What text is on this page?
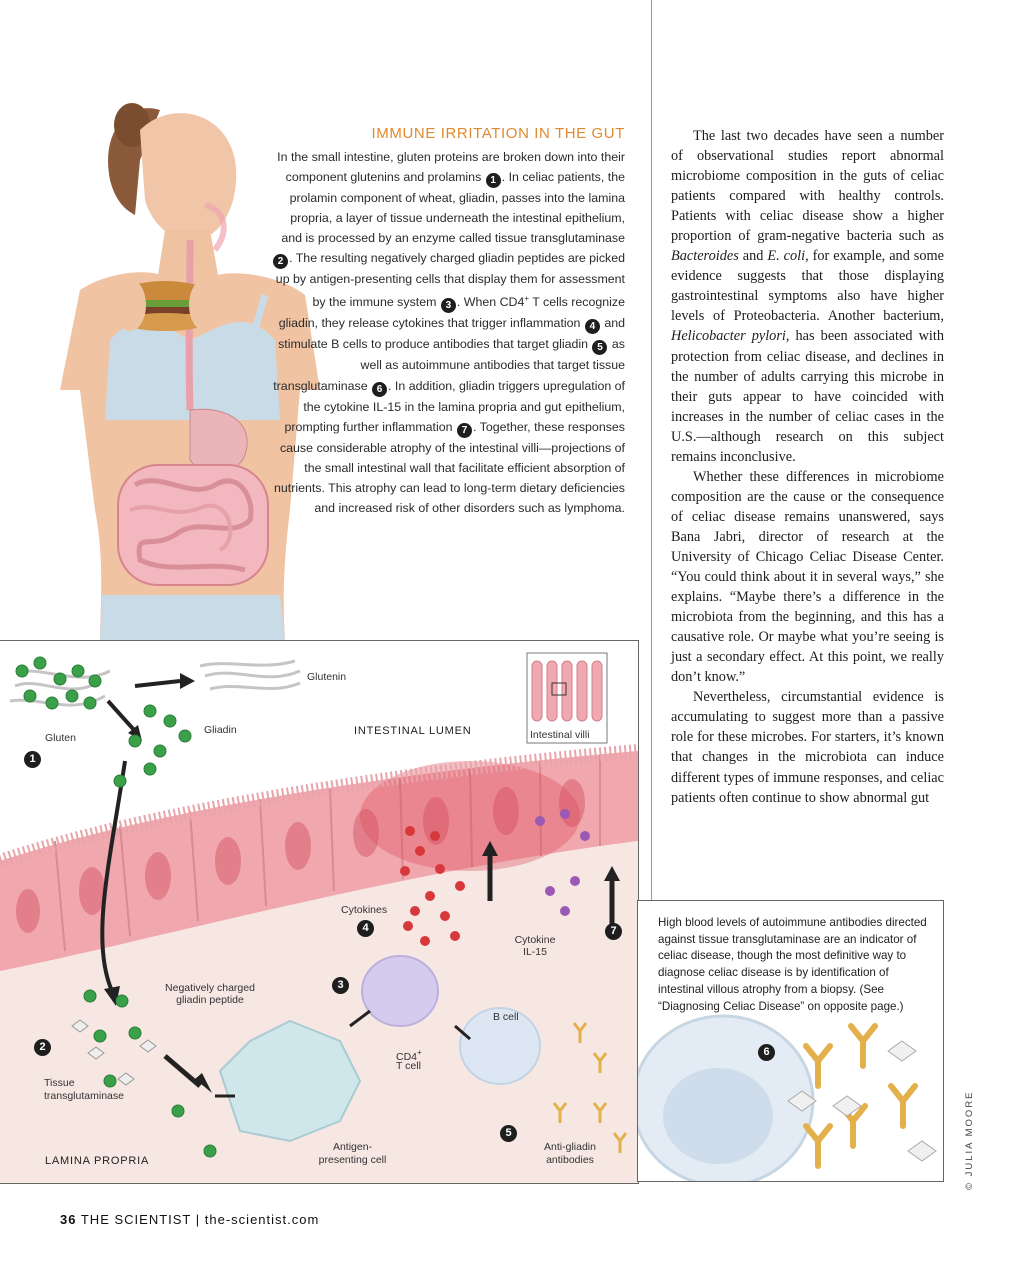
IMMUNE IRRITATION IN THE GUT
In the small intestine, gluten proteins are broken down into their component glutenins and prolamins 1 . In celiac patients, the prolamin component of wheat, gliadin, passes into the lamina propria, a layer of tissue underneath the intestinal epithelium, and is processed by an enzyme called tissue transglutaminase 2 . The resulting negatively charged gliadin peptides are picked up by antigen-presenting cells that display them for assessment by the immune system 3 . When CD4+ T cells recognize gliadin, they release cytokines that trigger inflammation 4 and stimulate B cells to produce antibodies that target gliadin 5 as well as autoimmune antibodies that target tissue transglutaminase 6 . In addition, gliadin triggers upregulation of the cytokine IL-15 in the lamina propria and gut epithelium, prompting further inflammation 7 . Together, these responses cause considerable atrophy of the intestinal villi—projections of the small intestinal wall that facilitate efficient absorption of nutrients. This atrophy can lead to long-term dietary deficiencies and increased risk of other disorders such as lymphoma.

The last two decades have seen a number of observational studies report abnormal microbiome composition in the guts of celiac patients compared with healthy controls. Patients with celiac disease show a higher proportion of gram-negative bacteria such as Bacteroides and E. coli, for example, and some evidence suggests that those displaying gastrointestinal symptoms also have higher levels of Proteobacteria. Another bacterium, Helicobacter pylori, has been associated with protection from celiac disease, and declines in the number of adults carrying this microbe in their guts appear to have coincided with increases in the number of celiac cases in the U.S.—although research on this subject remains inconclusive.

Whether these differences in microbiome composition are the cause or the consequence of celiac disease remains unanswered, says Bana Jabri, director of research at the University of Chicago Celiac Disease Center. “You could think about it in several ways,” she explains. “Maybe there’s a difference in the microbiota from the beginning, and this has a causative role. Or maybe what you’re seeing is just a secondary effect. At this point, we really don’t know.”

Nevertheless, circumstantial evidence is accumulating to suggest more than a passive role for these microbes. For starters, it’s known that changes in the microbiota can induce different types of immune responses, and celiac patients often continue to show abnormal gut

Gluten
Glutenin
Gliadin	INTESTINAL LUMEN	Intestinal villi
Cytokines
Cytokine
IL-15
Negatively charged
gliadin peptide
B cell
CD4+
T cell
Tissue
transglutaminase
Antigen-
presenting cell
Anti-gliadin
antibodies
LAMINA PROPRIA
1
2
3
4
5
7
High blood levels of autoimmune antibodies directed against tissue transglutaminase are an indicator of celiac disease, though the most definitive way to diagnose celiac disease is by identification of intestinal villous atrophy from a biopsy. (See “Diagnosing Celiac Disease” on opposite page.)
6
© JULIA MOORE
36 THE SCIENTIST | the-scientist.com
